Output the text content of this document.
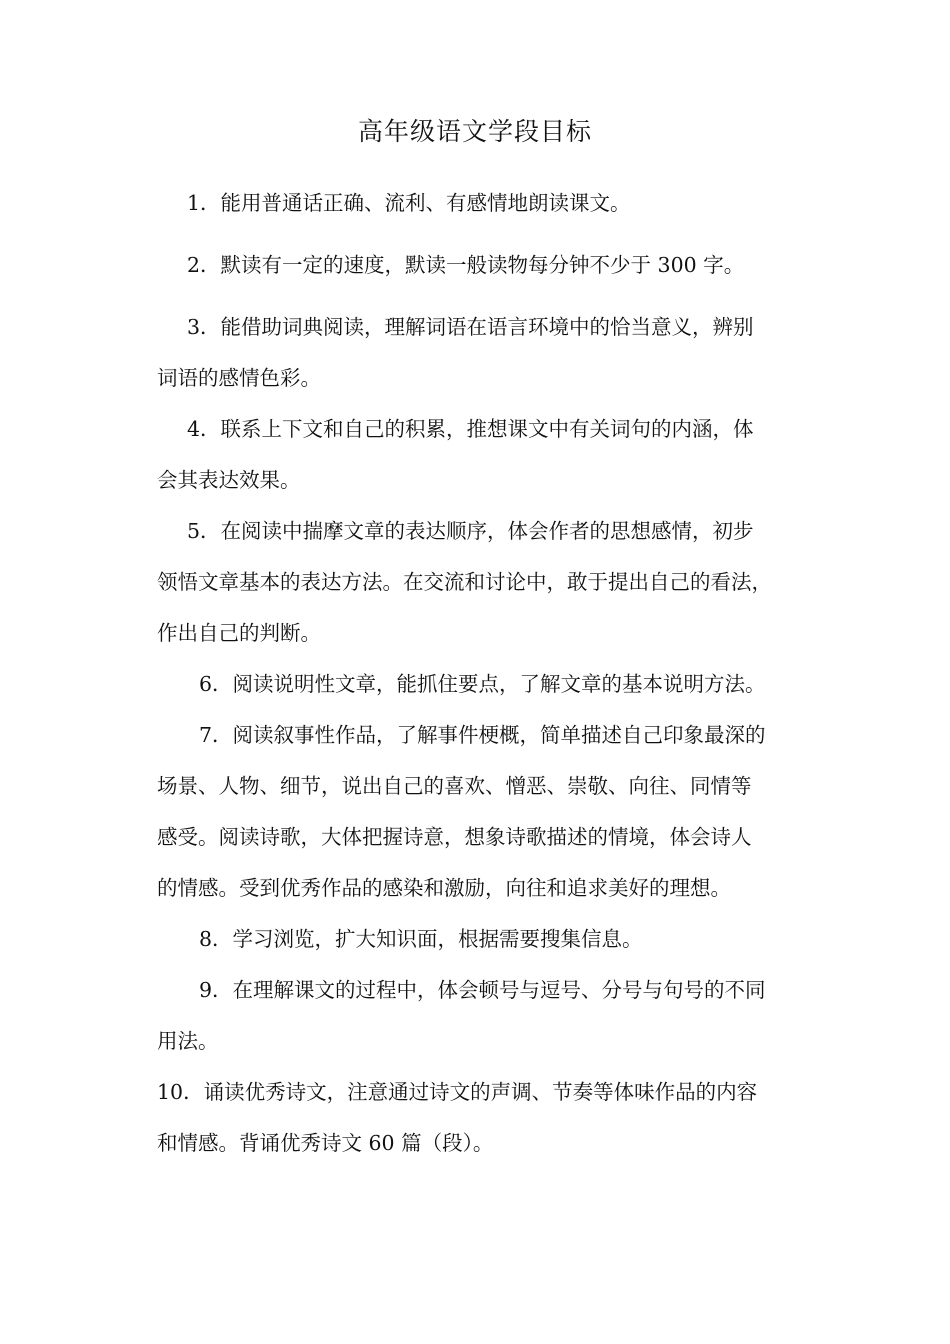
高年级语文学段目标
1．能用普通话正确、流利、有感情地朗读课文。
2．默读有一定的速度，默读一般读物每分钟不少于 300 字。
3．能借助词典阅读，理解词语在语言环境中的恰当意义，辨别
词语的感情色彩。
4．联系上下文和自己的积累，推想课文中有关词句的内涵，体
会其表达效果。
5．在阅读中揣摩文章的表达顺序，体会作者的思想感情，初步
领悟文章基本的表达方法。在交流和讨论中，敢于提出自己的看法，
作出自己的判断。
6．阅读说明性文章，能抓住要点，了解文章的基本说明方法。
7．阅读叙事性作品，了解事件梗概，简单描述自己印象最深的
场景、人物、细节，说出自己的喜欢、憎恶、崇敬、向往、同情等
感受。阅读诗歌，大体把握诗意，想象诗歌描述的情境，体会诗人
的情感。受到优秀作品的感染和激励，向往和追求美好的理想。
8．学习浏览，扩大知识面，根据需要搜集信息。
9．在理解课文的过程中，体会顿号与逗号、分号与句号的不同
用法。
10．诵读优秀诗文，注意通过诗文的声调、节奏等体味作品的内容
和情感。背诵优秀诗文 60 篇（段）。
